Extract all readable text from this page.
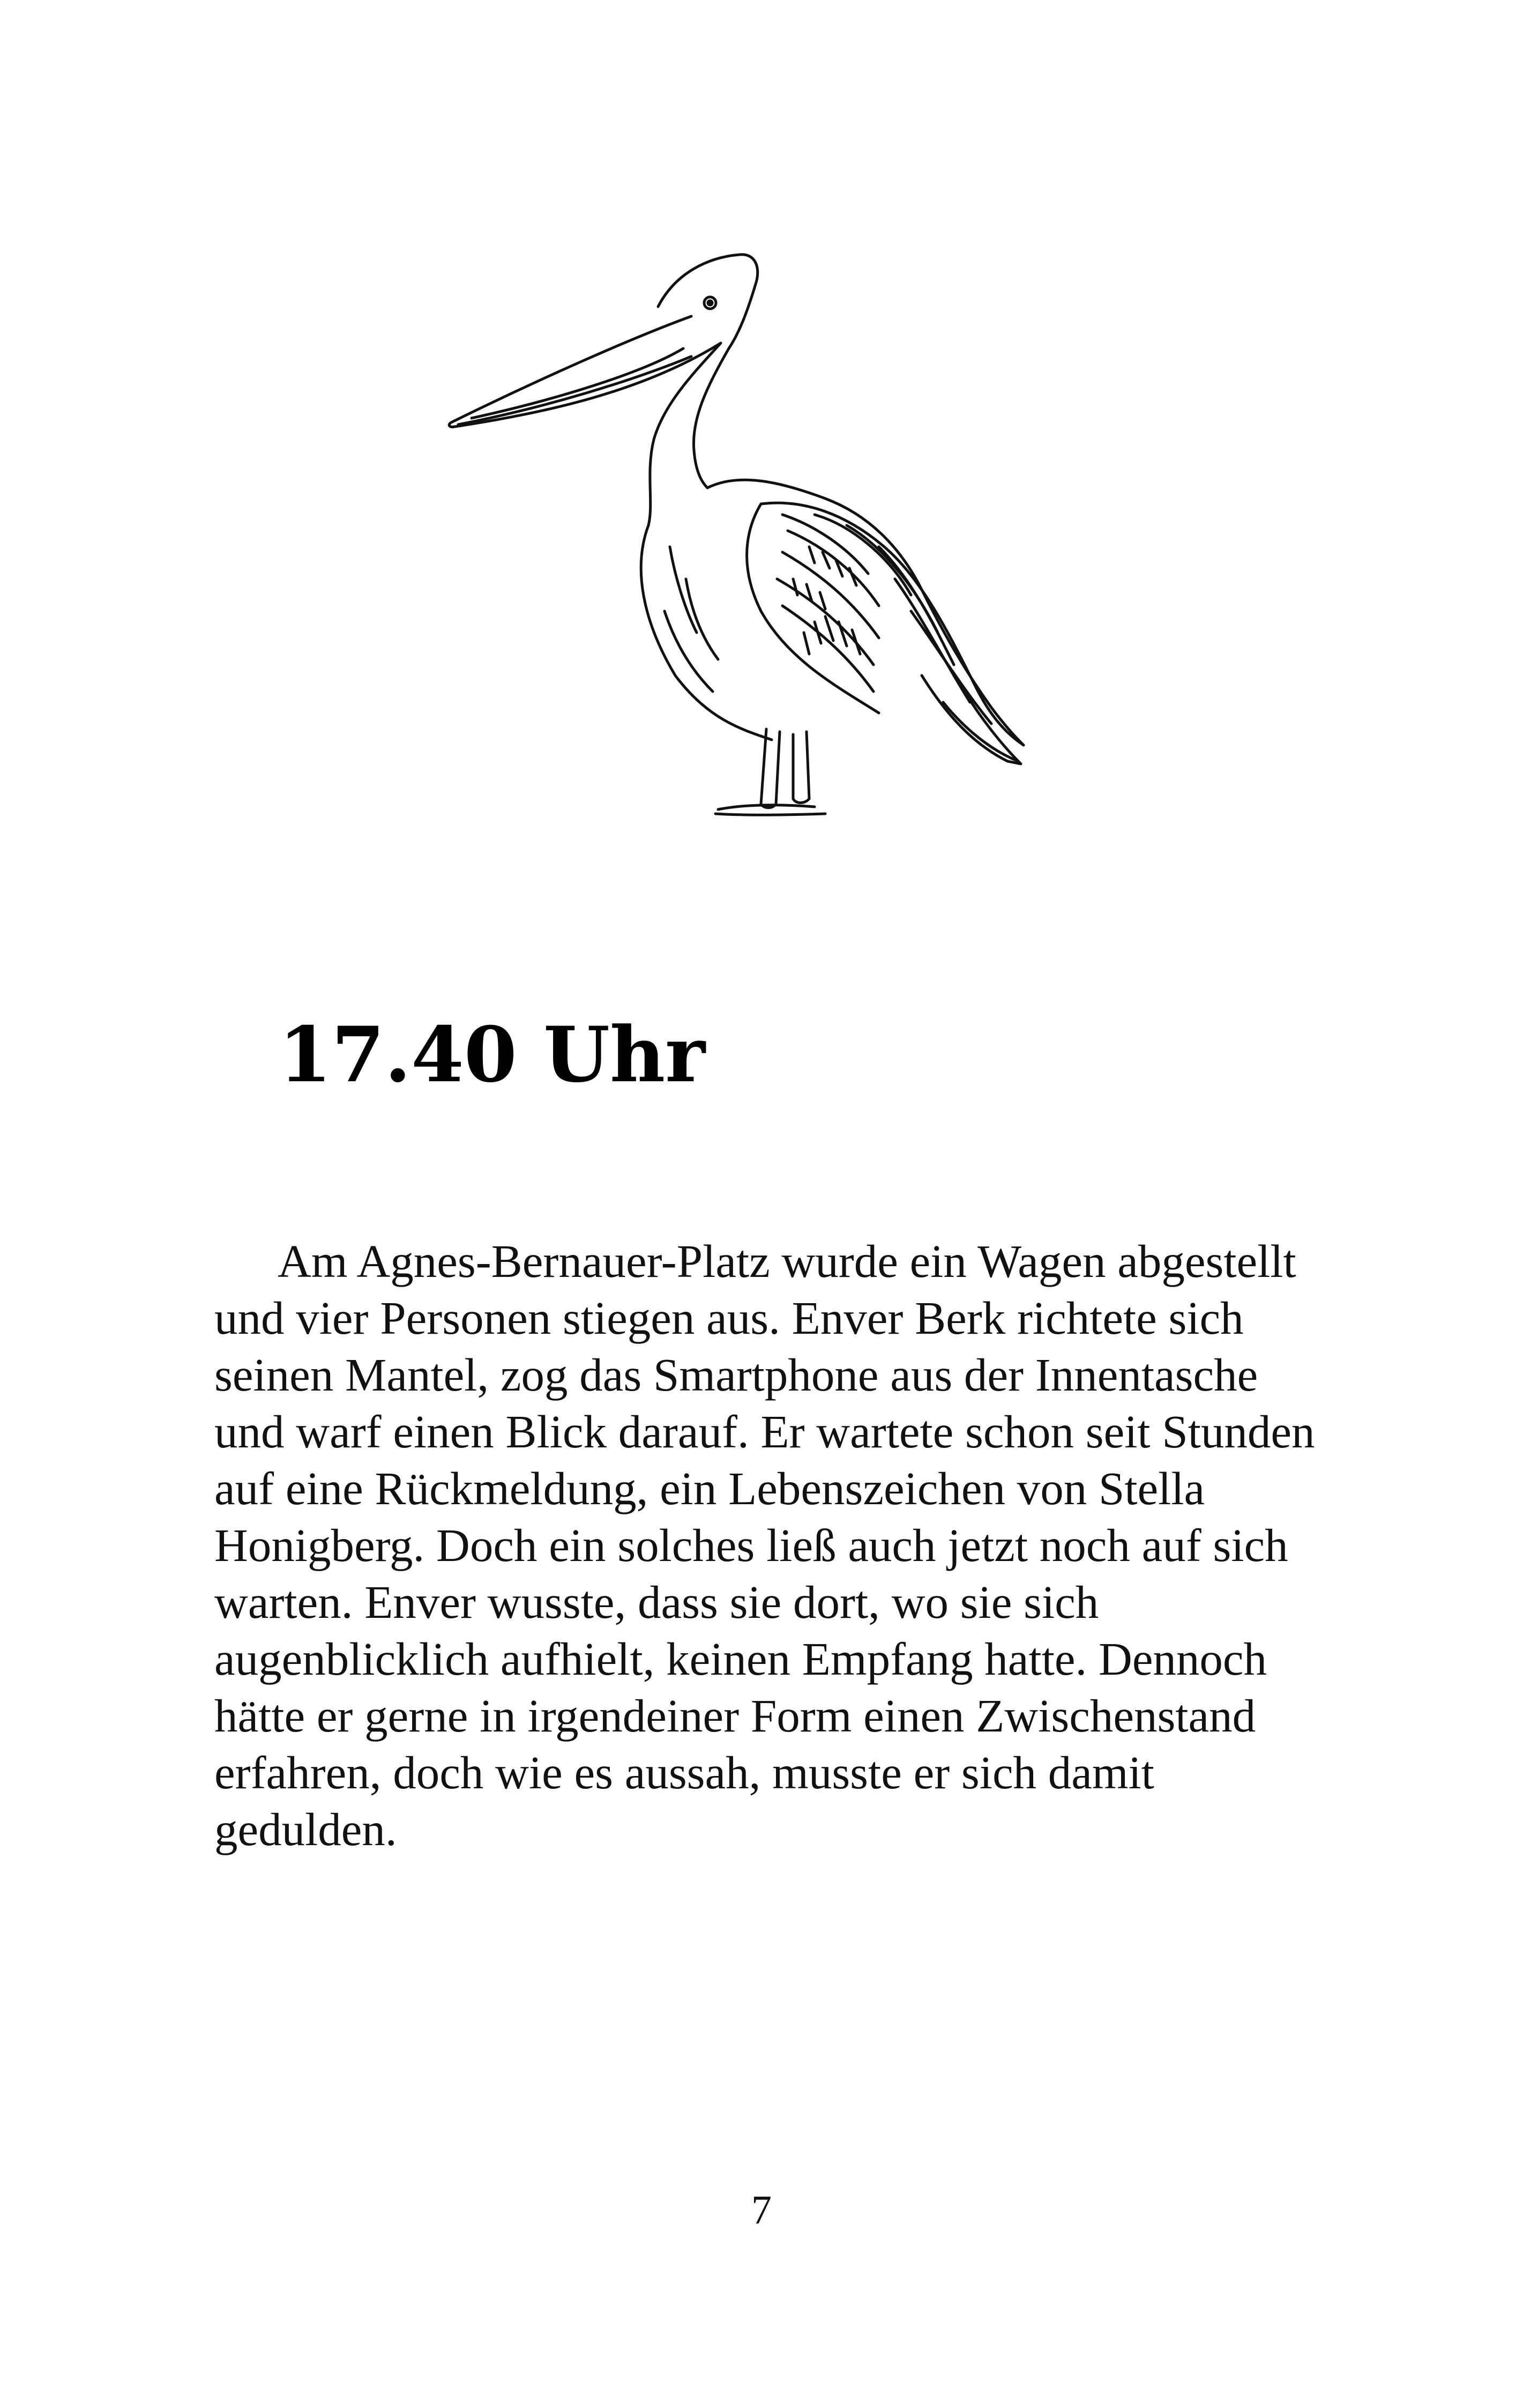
17.40 Uhr

Am Agnes-Bernauer-Platz wurde ein Wagen abgestellt und vier Personen stiegen aus. Enver Berk richtete sich seinen Mantel, zog das Smartphone aus der Innentasche und warf einen Blick darauf. Er wartete schon seit Stunden auf eine Rückmeldung, ein Lebenszeichen von Stella Honigberg. Doch ein solches ließ auch jetzt noch auf sich warten. Enver wusste, dass sie dort, wo sie sich augenblicklich aufhielt, keinen Empfang hatte. Dennoch hätte er gerne in irgendeiner Form einen Zwischenstand erfahren, doch wie es aussah, musste er sich damit gedulden.

7
